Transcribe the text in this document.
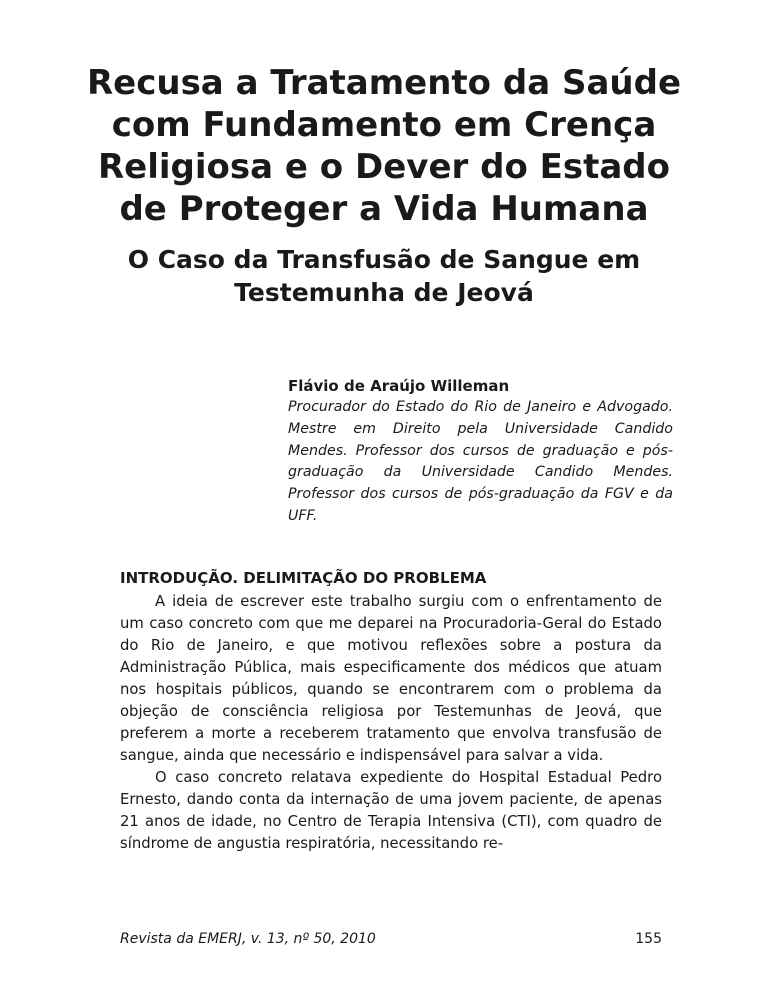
Recusa a Tratamento da Saúde com Fundamento em Crença Religiosa e o Dever do Estado de Proteger a Vida Humana
O Caso da Transfusão de Sangue em Testemunha de Jeová

Flávio de Araújo Willeman

Procurador do Estado do Rio de Janeiro e Advogado. Mestre em Direito pela Universidade Candido Mendes. Professor dos cursos de graduação e pós-graduação da Universidade Candido Mendes. Professor dos cursos de pós-graduação da FGV e da UFF.

INTRODUÇÃO. DELIMITAÇÃO DO PROBLEMA

A ideia de escrever este trabalho surgiu com o enfrentamento de um caso concreto com que me deparei na Procuradoria-Geral do Estado do Rio de Janeiro, e que motivou reflexões sobre a postura da Administração Pública, mais especificamente dos médicos que atuam nos hospitais públicos, quando se encontrarem com o problema da objeção de consciência religiosa por Testemunhas de Jeová, que preferem a morte a receberem tratamento que envolva transfusão de sangue, ainda que necessário e indispensável para salvar a vida.

O caso concreto relatava expediente do Hospital Estadual Pedro Ernesto, dando conta da internação de uma jovem paciente, de apenas 21 anos de idade, no Centro de Terapia Intensiva (CTI), com quadro de síndrome de angustia respiratória, necessitando re-

Revista da EMERJ, v. 13, nº 50, 2010	155
